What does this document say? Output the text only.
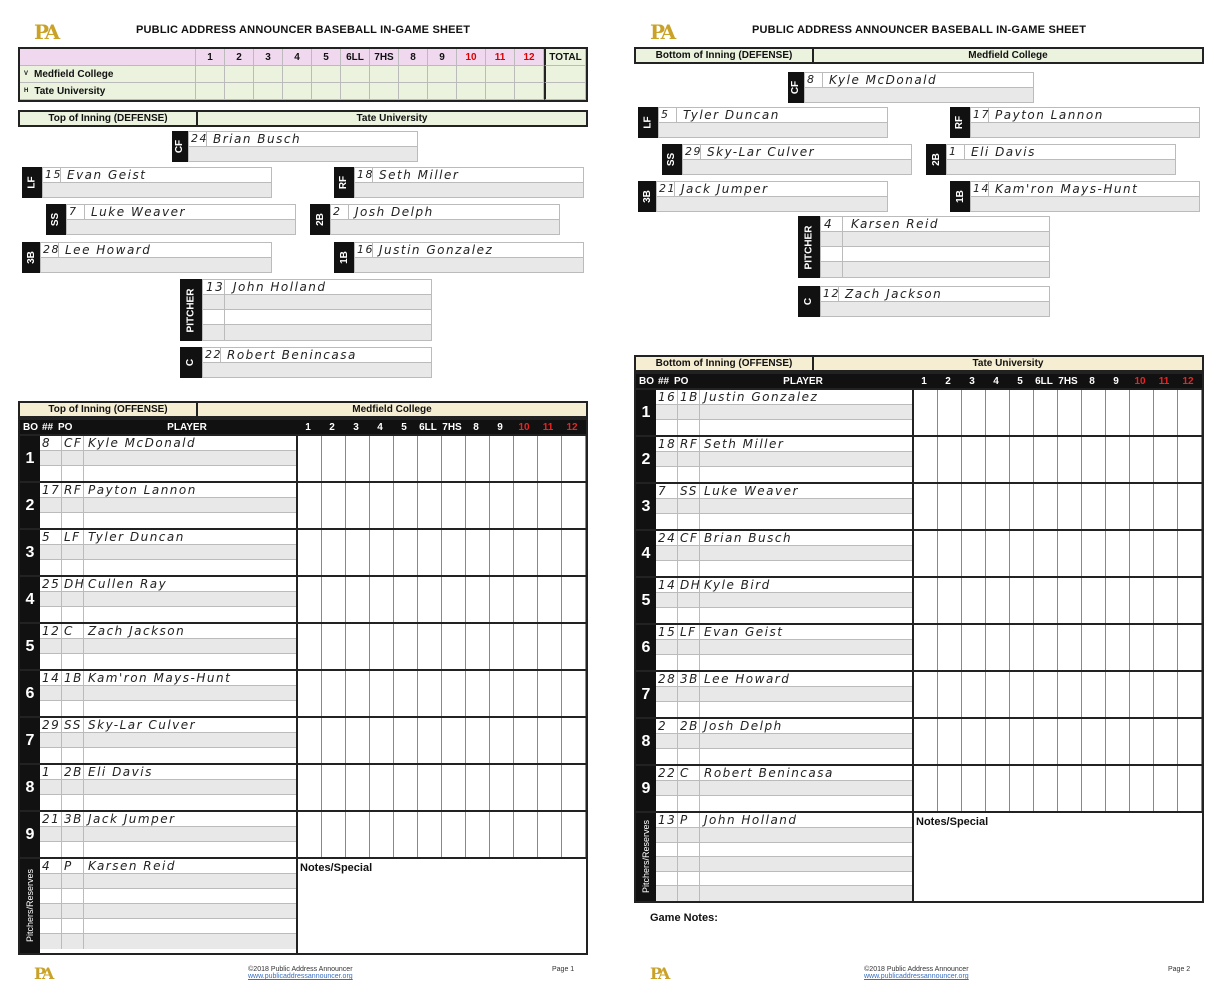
PA	PUBLIC ADDRESS ANNOUNCER BASEBALL IN-GAME SHEET
1	2	3	4	5	6LL	7HS	8	9	10	11	12	TOTAL
V Medfield College
H Tate University
Top of Inning (DEFENSE)	Tate University
CF
24 Brian Busch
LF
15 Evan Geist
RF
18 Seth Miller
SS
7	Luke Weaver
2B
2	Josh Delph
3B
28 Lee Howard
1B
16 Justin Gonzalez
PITCHER
13 John Holland
C
22 Robert Benincasa
Top of Inning (OFFENSE)	Medfield College
BO ## PO	PLAYER	1	2	3	4	5	6LL 7HS	8	9	10	11	12
1
8	CF Kyle McDonald
2
17 RF Payton Lannon
3
5	LF Tyler Duncan
4
25 DH Cullen Ray
5
12 C	Zach Jackson
6
14 1B Kam'ron Mays-Hunt
7
29 SS Sky-Lar Culver
8
1	2B Eli Davis
9
21 3B Jack Jumper
Pitchers/Reserves
4	P	Karsen Reid	Notes/Special
©2018 Public Address Announcer
www.publicaddressannouncer.org
Page 1
PA
PA	PUBLIC ADDRESS ANNOUNCER BASEBALL IN-GAME SHEET
Bottom of Inning (DEFENSE)	Medfield College
CF
8	Kyle McDonald
LF
5	Tyler Duncan
RF
17 Payton Lannon
SS
29 Sky-Lar Culver
2B
1	Eli Davis
3B
21 Jack Jumper
1B
14 Kam'ron Mays-Hunt
PITCHER
4	Karsen Reid
C
12 Zach Jackson
Bottom of Inning (OFFENSE)	Tate University
BO ## PO	PLAYER	1	2	3	4	5	6LL 7HS	8	9	10	11	12
1
16 1B Justin Gonzalez
2
18 RF Seth Miller
3
7	SS Luke Weaver
4
24 CF Brian Busch
5
14 DH Kyle Bird
6
15 LF Evan Geist
7
28 3B Lee Howard
8
2	2B Josh Delph
9
22 C	Robert Benincasa
Pitchers/Reserves
13 P	John Holland	Notes/Special
Game Notes:
©2018 Public Address Announcer
www.publicaddressannouncer.org
Page 2
PA
